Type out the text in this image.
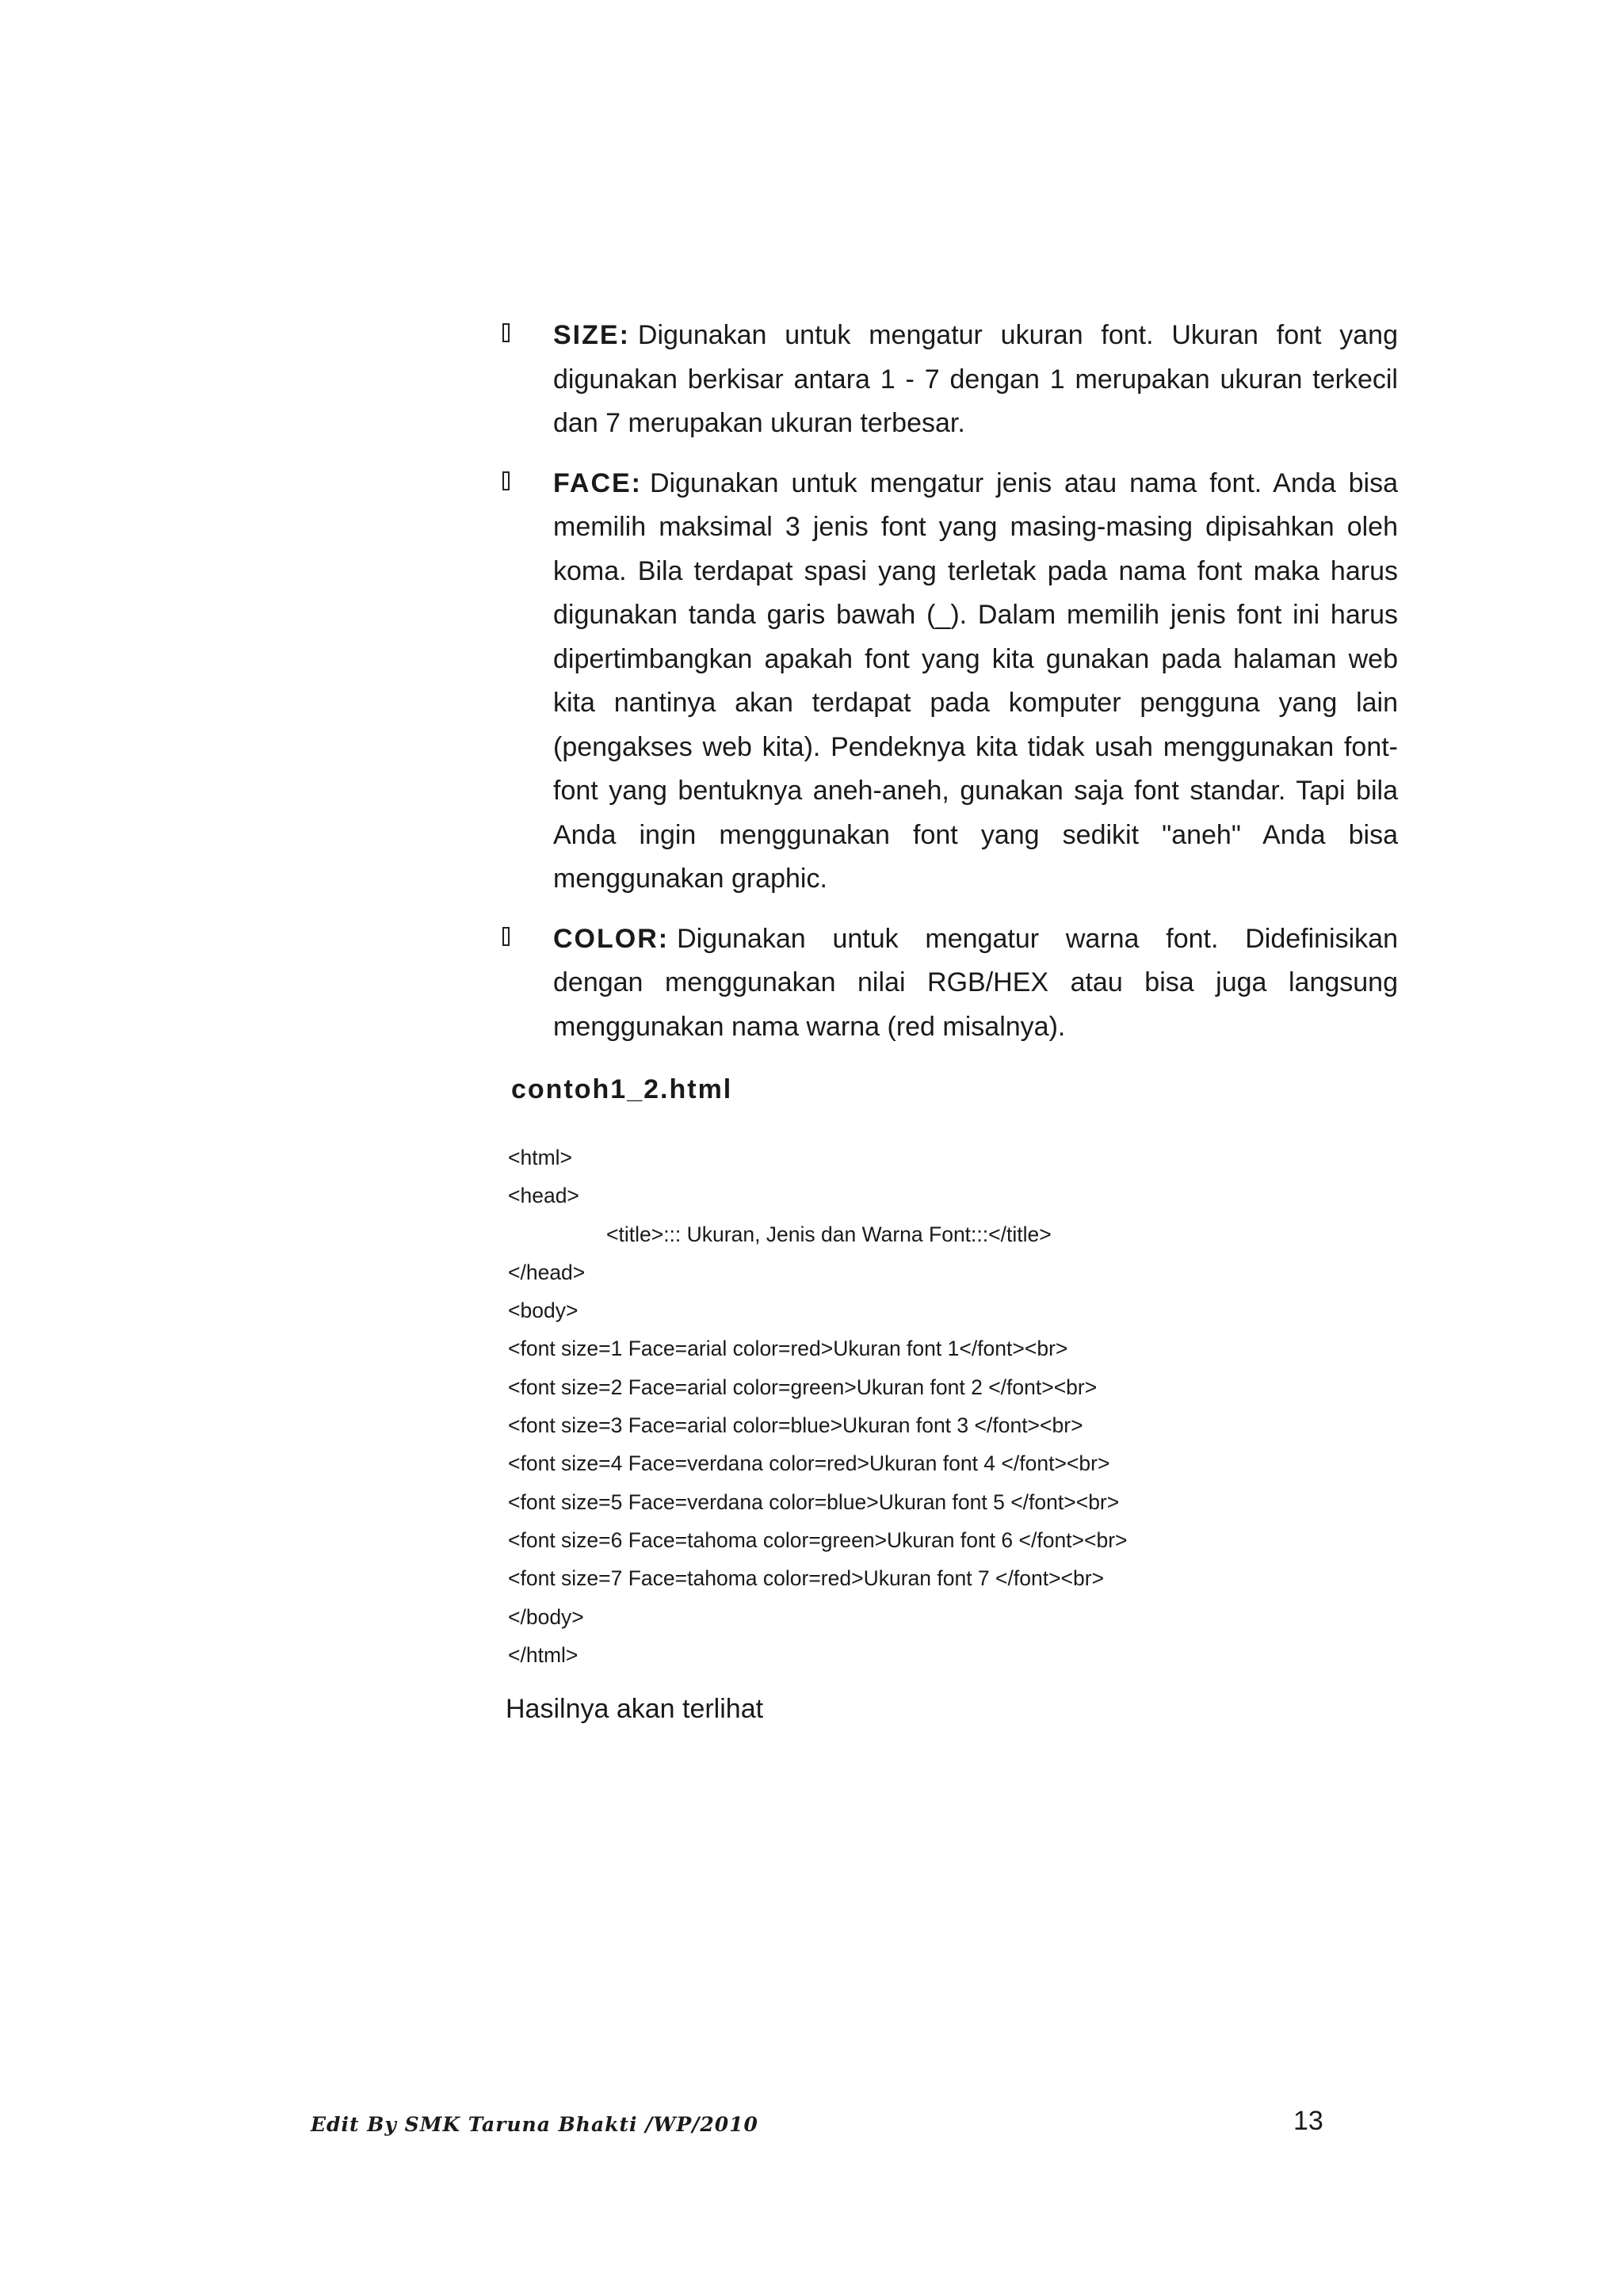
SIZE: Digunakan untuk mengatur ukuran font. Ukuran font yang digunakan berkisar antara 1 - 7 dengan 1 merupakan ukuran terkecil dan 7 merupakan ukuran terbesar.
FACE: Digunakan untuk mengatur jenis atau nama font. Anda bisa memilih maksimal 3 jenis font yang masing-masing dipisahkan oleh koma. Bila terdapat spasi yang terletak pada nama font maka harus digunakan tanda garis bawah (_). Dalam memilih jenis font ini harus dipertimbangkan apakah font yang kita gunakan pada halaman web kita nantinya akan terdapat pada komputer pengguna yang lain (pengakses web kita). Pendeknya kita tidak usah menggunakan font-font yang bentuknya aneh-aneh, gunakan saja font standar. Tapi bila Anda ingin menggunakan font yang sedikit "aneh" Anda bisa menggunakan graphic.
COLOR: Digunakan untuk mengatur warna font. Didefinisikan dengan menggunakan nilai RGB/HEX atau bisa juga langsung menggunakan nama warna (red misalnya).
contoh1_2.html
<html>
<head>
<title>::: Ukuran, Jenis dan Warna Font:::</title>
</head>
<body>
<font size=1 Face=arial color=red>Ukuran font 1</font><br>
<font size=2 Face=arial color=green>Ukuran font 2 </font><br>
<font size=3 Face=arial color=blue>Ukuran font 3 </font><br>
<font size=4 Face=verdana color=red>Ukuran font 4 </font><br>
<font size=5 Face=verdana color=blue>Ukuran font 5 </font><br>
<font size=6 Face=tahoma color=green>Ukuran font 6 </font><br>
<font size=7 Face=tahoma color=red>Ukuran font 7 </font><br>
</body>
</html>
Hasilnya akan terlihat
Edit By SMK Taruna Bhakti /WP/2010	13
